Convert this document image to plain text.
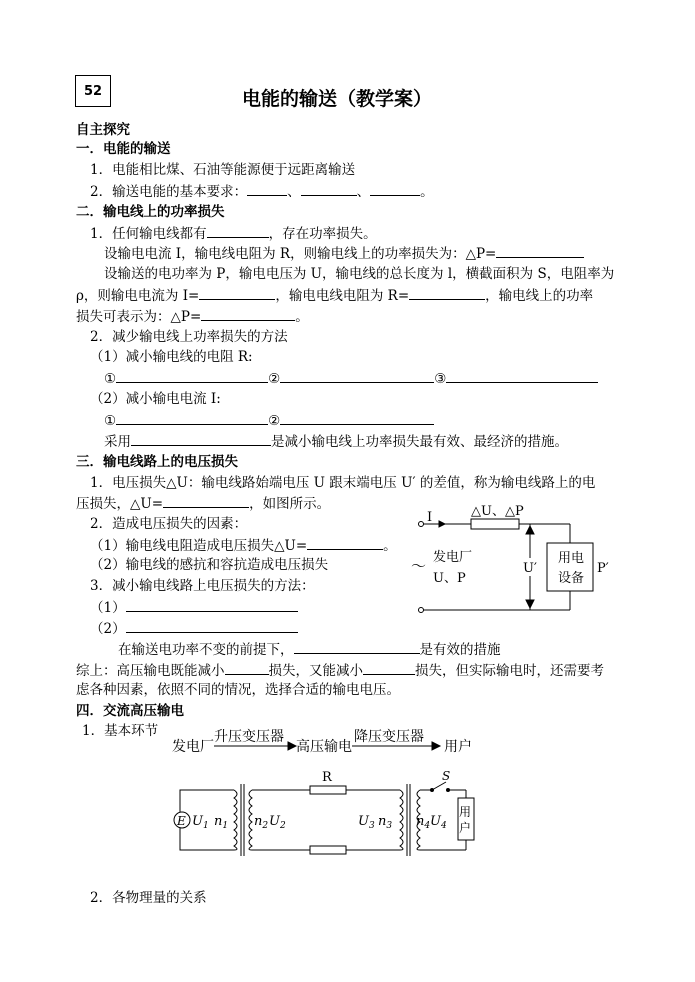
52	电能的输送（教学案）
自主探究
一．电能的输送
1．电能相比煤、石油等能源便于远距离输送
2．输送电能的基本要求：	、	、	。
二．输电线上的功率损失
1．任何输电线都有	，存在功率损失。
设输电电流 I，输电线电阻为 R，则输电线上的功率损失为：△P=
设输送的电功率为 P，输电电压为 U，输电线的总长度为 l，横截面积为 S，电阻率为
ρ，则输电电流为 I=	，输电电线电阻为 R=	，输电线上的功率
损失可表示为：△P=	。
2．减少输电线上功率损失的方法
（1）减小输电线的电阻 R:
①	②	③
（2）减小输电电流 I:
①	②
采用	是减小输电线上功率损失最有效、最经济的措施。
三．输电线路上的电压损失
1．电压损失△U：输电线路始端电压 U 跟末端电压 U′ 的差值，称为输电线路上的电
压损失，△U=	，如图所示。
2．造成电压损失的因素：
（1）输电线电阻造成电压损失△U=	。
（2）输电线的感抗和容抗造成电压损失
3．减小输电线路上电压损失的方法：
（1）
（2）
在输送电功率不变的前提下，	是有效的措施
综上：高压输电既能减小	损失，又能减小	损失，但实际输电时，还需要考
虑各种因素，依照不同的情况，选择合适的输电电压。
I	△U、△P
～ 发电厂
U、P
U′
用电
设备
P′
四．交流高压输电
1．基本环节
发电厂
升压变压器
高压输电
降压变压器
用户
E $U_1$ $n_1$ $n_2$ $U_2$
R
$U_3$ $n_3$ $n_4$ $U_4$
S
用
户
2．各物理量的关系
